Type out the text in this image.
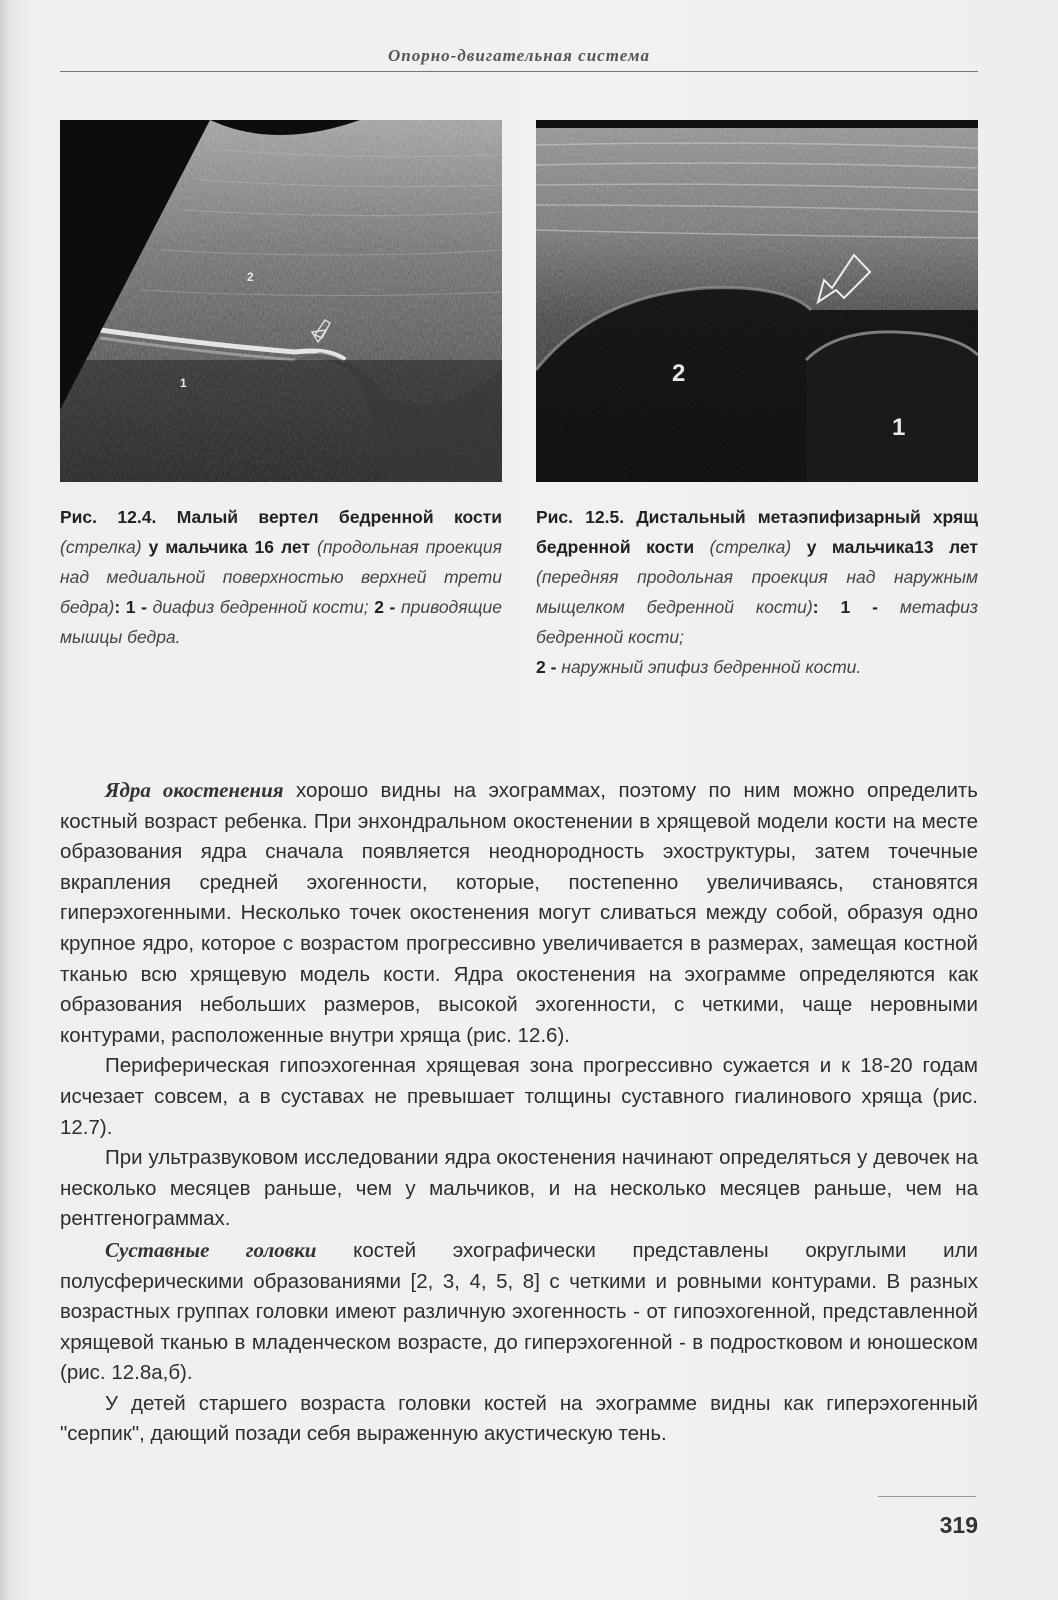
Опорно-двигательная система
2
1	2
1
Рис. 12.4. Малый вертел бедренной кости (стрелка) у мальчика 16 лет (продольная проекция над медиальной поверхностью верхней трети бедра): 1 - диафиз бедренной кости; 2 - приводящие мышцы бедра.
Рис. 12.5. Дистальный метаэпифизарный хрящ бедренной кости (стрелка) у мальчика13 лет (передняя продольная проекция над наружным мыщелком бедренной кости): 1 - метафиз бедренной кости;
2 - наружный эпифиз бедренной кости.

Ядра окостенения хорошо видны на эхограммах, поэтому по ним можно определить костный возраст ребенка. При энхондральном окостенении в хрящевой модели кости на месте образования ядра сначала появляется неоднородность эхоструктуры, затем точечные вкрапления средней эхогенности, которые, постепенно увеличиваясь, становятся гиперэхогенными. Несколько точек окостенения могут сливаться между собой, образуя одно крупное ядро, которое с возрастом прогрессивно увеличивается в размерах, замещая костной тканью всю хрящевую модель кости. Ядра окостенения на эхограмме определяются как образования небольших размеров, высокой эхогенности, с четкими, чаще неровными контурами, расположенные внутри хряща (рис. 12.6).

Периферическая гипоэхогенная хрящевая зона прогрессивно сужается и к 18-20 годам исчезает совсем, а в суставах не превышает толщины суставного гиалинового хряща (рис. 12.7).

При ультразвуковом исследовании ядра окостенения начинают определяться у девочек на несколько месяцев раньше, чем у мальчиков, и на несколько месяцев раньше, чем на рентгенограммах.

Суставные головки костей эхографически представлены округлыми или полусферическими образованиями [2, 3, 4, 5, 8] с четкими и ровными контурами. В разных возрастных группах головки имеют различную эхогенность - от гипоэхогенной, представленной хрящевой тканью в младенческом возрасте, до гиперэхогенной - в подростковом и юношеском (рис. 12.8а,б).

У детей старшего возраста головки костей на эхограмме видны как гиперэхогенный "серпик", дающий позади себя выраженную акустическую тень.

319
